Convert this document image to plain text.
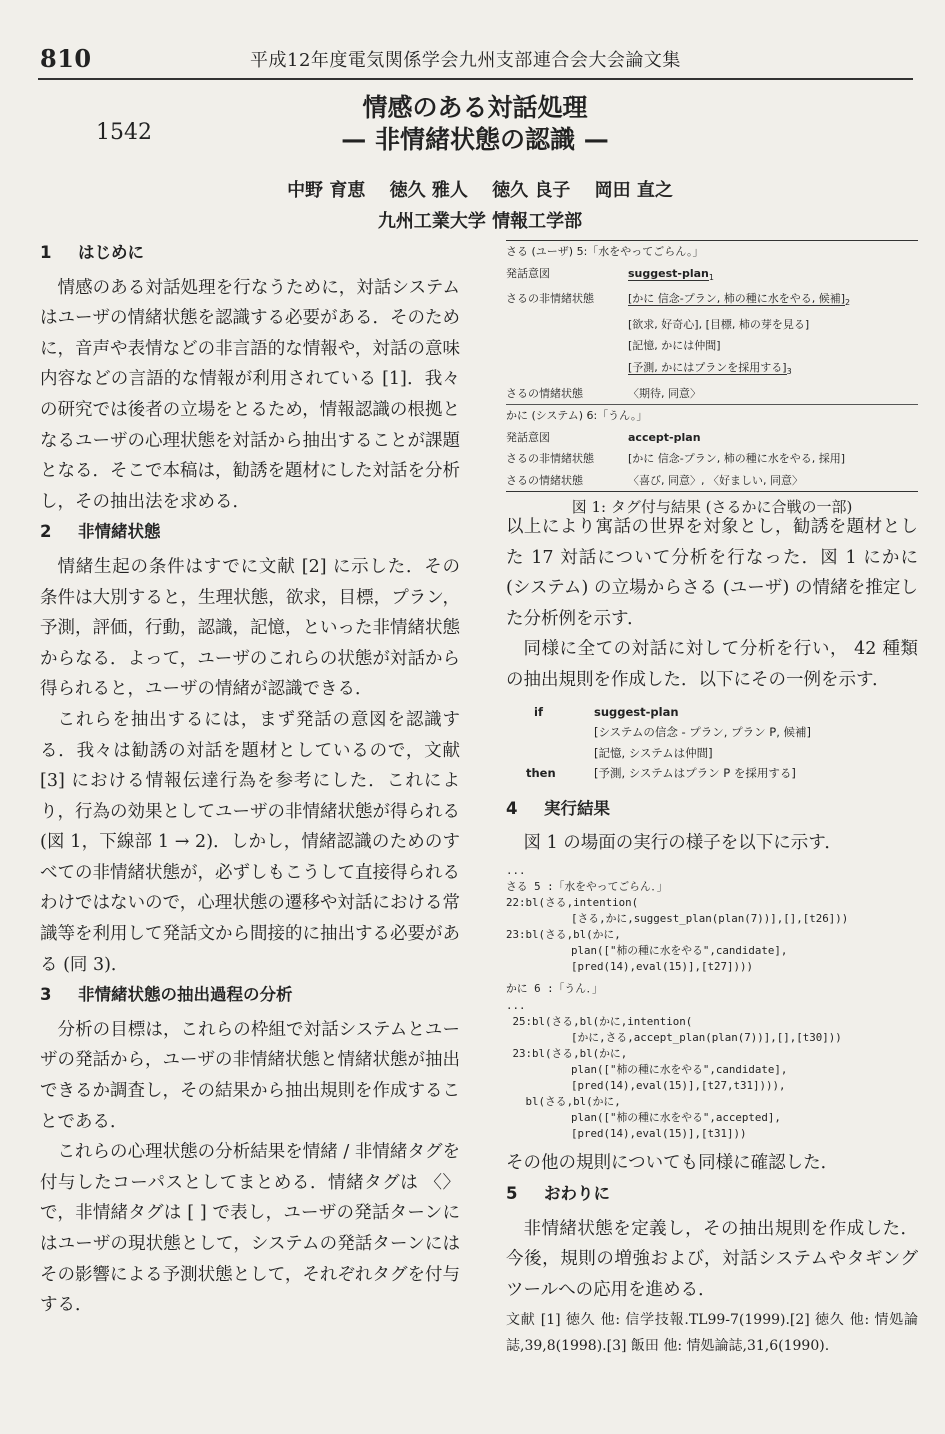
810	平成12年度電気関係学会九州支部連合会大会論文集
1542
情感のある対話処理
— 非情緒状態の認識 —
中野 育恵　 徳久 雅人　 徳久 良子　 岡田 直之
九州工業大学 情報工学部
1 はじめに
情感のある対話処理を行なうために，対話システムはユーザの情緒状態を認識する必要がある．そのために，音声や表情などの非言語的な情報や，対話の意味内容などの言語的な情報が利用されている [1]．我々の研究では後者の立場をとるため，情報認識の根拠となるユーザの心理状態を対話から抽出することが課題となる．そこで本稿は，勧誘を題材にした対話を分析し，その抽出法を求める．
2 非情緒状態
情緒生起の条件はすでに文献 [2] に示した．その条件は大別すると，生理状態，欲求，目標，プラン，予測，評価，行動，認識，記憶，といった非情緒状態からなる．よって，ユーザのこれらの状態が対話から得られると，ユーザの情緒が認識できる．
これらを抽出するには，まず発話の意図を認識する．我々は勧誘の対話を題材としているので，文献 [3] における情報伝達行為を参考にした．これにより，行為の効果としてユーザの非情緒状態が得られる (図 1，下線部 1 → 2)．しかし，情緒認識のためのすべての非情緒状態が，必ずしもこうして直接得られるわけではないので，心理状態の遷移や対話における常識等を利用して発話文から間接的に抽出する必要がある (同 3)．
3 非情緒状態の抽出過程の分析
分析の目標は，これらの枠組で対話システムとユーザの発話から，ユーザの非情緒状態と情緒状態が抽出できるか調査し，その結果から抽出規則を作成することである．
これらの心理状態の分析結果を情緒 / 非情緒タグを付与したコーパスとしてまとめる．情緒タグは 〈〉 で，非情緒タグは [ ] で表し，ユーザの発話ターンにはユーザの現状態として，システムの発話ターンにはその影響による予測状態として，それぞれタグを付与する．
さる (ユーザ) 5:「水をやってごらん。」
発話意図	suggest-plan$_1$
さるの非情緒状態	[かに 信念-プラン, 柿の種に水をやる, 候補]$_2$
[欲求, 好奇心], [目標, 柿の芽を見る]
[記憶, かには仲間]
[予測, かにはプランを採用する]$_3$
さるの情緒状態	〈期待, 同意〉
かに (システム) 6:「うん。」
発話意図	accept-plan
さるの非情緒状態	[かに 信念-プラン, 柿の種に水をやる, 採用]
さるの情緒状態	〈喜び, 同意〉, 〈好ましい, 同意〉
図 1: タグ付与結果 (さるかに合戦の一部)
以上により寓話の世界を対象とし，勧誘を題材とした 17 対話について分析を行なった．図 1 にかに (システム) の立場からさる (ユーザ) の情緒を推定した分析例を示す．
同様に全ての対話に対して分析を行い， 42 種類の抽出規則を作成した．以下にその一例を示す．
if	suggest-plan
[システムの信念 - プラン, プラン P, 候補]
[記憶, システムは仲間]
then	[予測, システムはプラン P を採用する]
4 実行結果
図 1 の場面の実行の様子を以下に示す．
...
さる 5 :「水をやってごらん．」
22:bl(さる,intention(
[さる,かに,suggest_plan(plan(7))],[],[t26]))
23:bl(さる,bl(かに,
plan(["柿の種に水をやる",candidate],
[pred(14),eval(15)],[t27])))
かに 6 :「うん．」
...
25:bl(さる,bl(かに,intention(
[かに,さる,accept_plan(plan(7))],[],[t30]))
23:bl(さる,bl(かに,
plan(["柿の種に水をやる",candidate],
[pred(14),eval(15)],[t27,t31]))),
bl(さる,bl(かに,
plan(["柿の種に水をやる",accepted],
[pred(14),eval(15)],[t31]))
その他の規則についても同様に確認した．
5 おわりに
非情緒状態を定義し，その抽出規則を作成した．今後，規則の増強および，対話システムやタギングツールへの応用を進める．
文献 [1] 徳久 他: 信学技報.TL99-7(1999).[2] 徳久 他: 情処論誌,39,8(1998).[3] 飯田 他: 情処論誌,31,6(1990).
